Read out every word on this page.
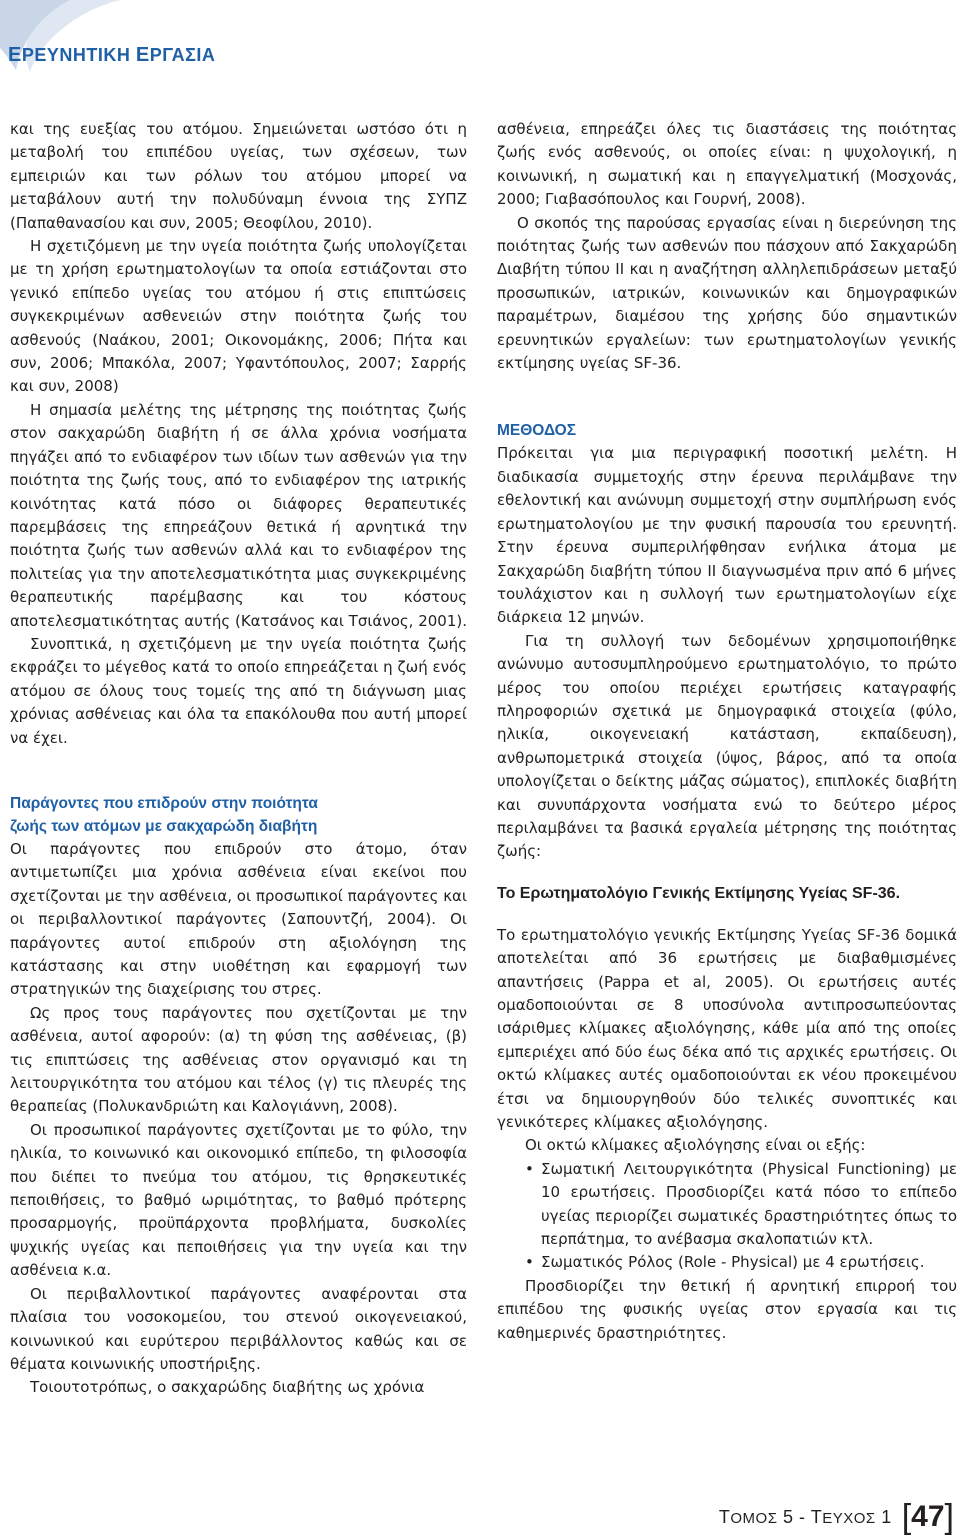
ΕΡΕΥΝΗΤΙΚΗ ΕΡΓΑΣΙΑ

και της ευεξίας του ατόμου. Σημειώνεται ωστόσο ότι η μεταβολή του επιπέδου υγείας, των σχέσεων, των εμπειριών και των ρόλων του ατόμου μπορεί να μεταβάλουν αυτή την πολυδύναμη έννοια της ΣΥΠΖ (Παπαθανασίου και συν, 2005; Θεοφίλου, 2010).

Η σχετιζόμενη με την υγεία ποιότητα ζωής υπολογίζεται με τη χρήση ερωτηματολογίων τα οποία εστιάζονται στο γενικό επίπεδο υγείας του ατόμου ή στις επιπτώσεις συγκεκριμένων ασθενειών στην ποιότητα ζωής του ασθενούς (Ναάκου, 2001; Οικονομάκης, 2006; Πήτα και συν, 2006; Μπακόλα, 2007; Υφαντόπουλος, 2007; Σαρρής και συν, 2008)

Η σημασία μελέτης της μέτρησης της ποιότητας ζωής στον σακχαρώδη διαβήτη ή σε άλλα χρόνια νοσήματα πηγάζει από το ενδιαφέρον των ιδίων των ασθενών για την ποιότητα της ζωής τους, από το ενδιαφέρον της ιατρικής κοινότητας κατά πόσο οι διάφορες θεραπευτικές παρεμβάσεις της επηρεάζουν θετικά ή αρνητικά την ποιότητα ζωής των ασθενών αλλά και το ενδιαφέρον της πολιτείας για την αποτελεσματικότητα μιας συγκεκριμένης θεραπευτικής παρέμβασης και του κόστους αποτελεσματικότητας αυτής (Κατσάνος και Τσιάνος, 2001).

Συνοπτικά, η σχετιζόμενη με την υγεία ποιότητα ζωής εκφράζει το μέγεθος κατά το οποίο επηρεάζεται η ζωή ενός ατόμου σε όλους τους τομείς της από τη διάγνωση μιας χρόνιας ασθένειας και όλα τα επακόλουθα που αυτή μπορεί να έχει.

Παράγοντες που επιδρούν στην ποιότητα

ζωής των ατόμων με σακχαρώδη διαβήτη

Οι παράγοντες που επιδρούν στο άτομο, όταν αντιμετωπίζει μια χρόνια ασθένεια είναι εκείνοι που σχετίζονται με την ασθένεια, οι προσωπικοί παράγοντες και οι περιβαλλοντικοί παράγοντες (Σαπουντζή, 2004). Οι παράγοντες αυτοί επιδρούν στη αξιολόγηση της κατάστασης και στην υιοθέτηση και εφαρμογή των στρατηγικών της διαχείρισης του στρες.

Ως προς τους παράγοντες που σχετίζονται με την ασθένεια, αυτοί αφορούν: (α) τη φύση της ασθένειας, (β) τις επιπτώσεις της ασθένειας στον οργανισμό και τη λειτουργικότητα του ατόμου και τέλος (γ) τις πλευρές της θεραπείας (Πολυκανδριώτη και Καλογιάννη, 2008).

Οι προσωπικοί παράγοντες σχετίζονται με το φύλο, την ηλικία, το κοινωνικό και οικονομικό επίπεδο, τη φιλοσοφία που διέπει το πνεύμα του ατόμου, τις θρησκευτικές πεποιθήσεις, το βαθμό ωριμότητας, το βαθμό πρότερης προσαρμογής, προϋπάρχοντα προβλήματα, δυσκολίες ψυχικής υγείας και πεποιθήσεις για την υγεία και την ασθένεια κ.α.

Οι περιβαλλοντικοί παράγοντες αναφέρονται στα πλαίσια του νοσοκομείου, του στενού οικογενειακού, κοινωνικού και ευρύτερου περιβάλλοντος καθώς και σε θέματα κοινωνικής υποστήριξης.

Τοιουτοτρόπως, ο σακχαρώδης διαβήτης ως χρόνια

ασθένεια, επηρεάζει όλες τις διαστάσεις της ποιότητας ζωής ενός ασθενούς, οι οποίες είναι: η ψυχολογική, η κοινωνική, η σωματική και η επαγγελματική (Μοσχονάς, 2000; Γιαβασόπουλος και Γουρνή, 2008).

Ο σκοπός της παρούσας εργασίας είναι η διερεύνηση της ποιότητας ζωής των ασθενών που πάσχουν από Σακχαρώδη Διαβήτη τύπου ΙΙ και η αναζήτηση αλληλεπιδράσεων μεταξύ προσωπικών, ιατρικών, κοινωνικών και δημογραφικών παραμέτρων, διαμέσου της χρήσης δύο σημαντικών ερευνητικών εργαλείων: των ερωτηματολογίων γενικής εκτίμησης υγείας SF-36.

ΜΕΘΟΔΟΣ

Πρόκειται για μια περιγραφική ποσοτική μελέτη. Η διαδικασία συμμετοχής στην έρευνα περιλάμβανε την εθελοντική και ανώνυμη συμμετοχή στην συμπλήρωση ενός ερωτηματολογίου με την φυσική παρουσία του ερευνητή. Στην έρευνα συμπεριλήφθησαν ενήλικα άτομα με Σακχαρώδη διαβήτη τύπου ΙΙ διαγνωσμένα πριν από 6 μήνες τουλάχιστον και η συλλογή των ερωτηματολογίων είχε διάρκεια 12 μηνών.

Για τη συλλογή των δεδομένων χρησιμοποιήθηκε ανώνυμο αυτοσυμπληρούμενο ερωτηματολόγιο, το πρώτο μέρος του οποίου περιέχει ερωτήσεις καταγραφής πληροφοριών σχετικά με δημογραφικά στοιχεία (φύλο, ηλικία, οικογενειακή κατάσταση, εκπαίδευση), ανθρωπομετρικά στοιχεία (ύψος, βάρος, από τα οποία υπολογίζεται ο δείκτης μάζας σώματος), επιπλοκές διαβήτη και συνυπάρχοντα νοσήματα ενώ το δεύτερο μέρος περιλαμβάνει τα βασικά εργαλεία μέτρησης της ποιότητας ζωής:

Το Ερωτηματολόγιο Γενικής Εκτίμησης Υγείας SF-36.

Το ερωτηματολόγιο γενικής Εκτίμησης Υγείας SF-36 δομικά αποτελείται από 36 ερωτήσεις με διαβαθμισμένες απαντήσεις (Pappa et al, 2005). Οι ερωτήσεις αυτές ομαδοποιούνται σε 8 υποσύνολα αντιπροσωπεύοντας ισάριθμες κλίμακες αξιολόγησης, κάθε μία από της οποίες εμπεριέχει από δύο έως δέκα από τις αρχικές ερωτήσεις. Οι οκτώ κλίμακες αυτές ομαδοποιούνται εκ νέου προκειμένου έτσι να δημιουργηθούν δύο τελικές συνοπτικές και γενικότερες κλίμακες αξιολόγησης.

Οι οκτώ κλίμακες αξιολόγησης είναι οι εξής:

• Σωματική Λειτουργικότητα (Physical Functioning) με 10 ερωτήσεις. Προσδιορίζει κατά πόσο το επίπεδο υγείας περιορίζει σωματικές δραστηριότητες όπως το περπάτημα, το ανέβασμα σκαλοπατιών κτλ.
• Σωματικός Ρόλος (Role - Physical) με 4 ερωτήσεις.

Προσδιορίζει την θετική ή αρνητική επιρροή του επιπέδου της φυσικής υγείας στον εργασία και τις καθημερινές δραστηριότητες.

ΤΟΜΟΣ 5 - ΤΕΥΧΟΣ 1 [ 47 ]
